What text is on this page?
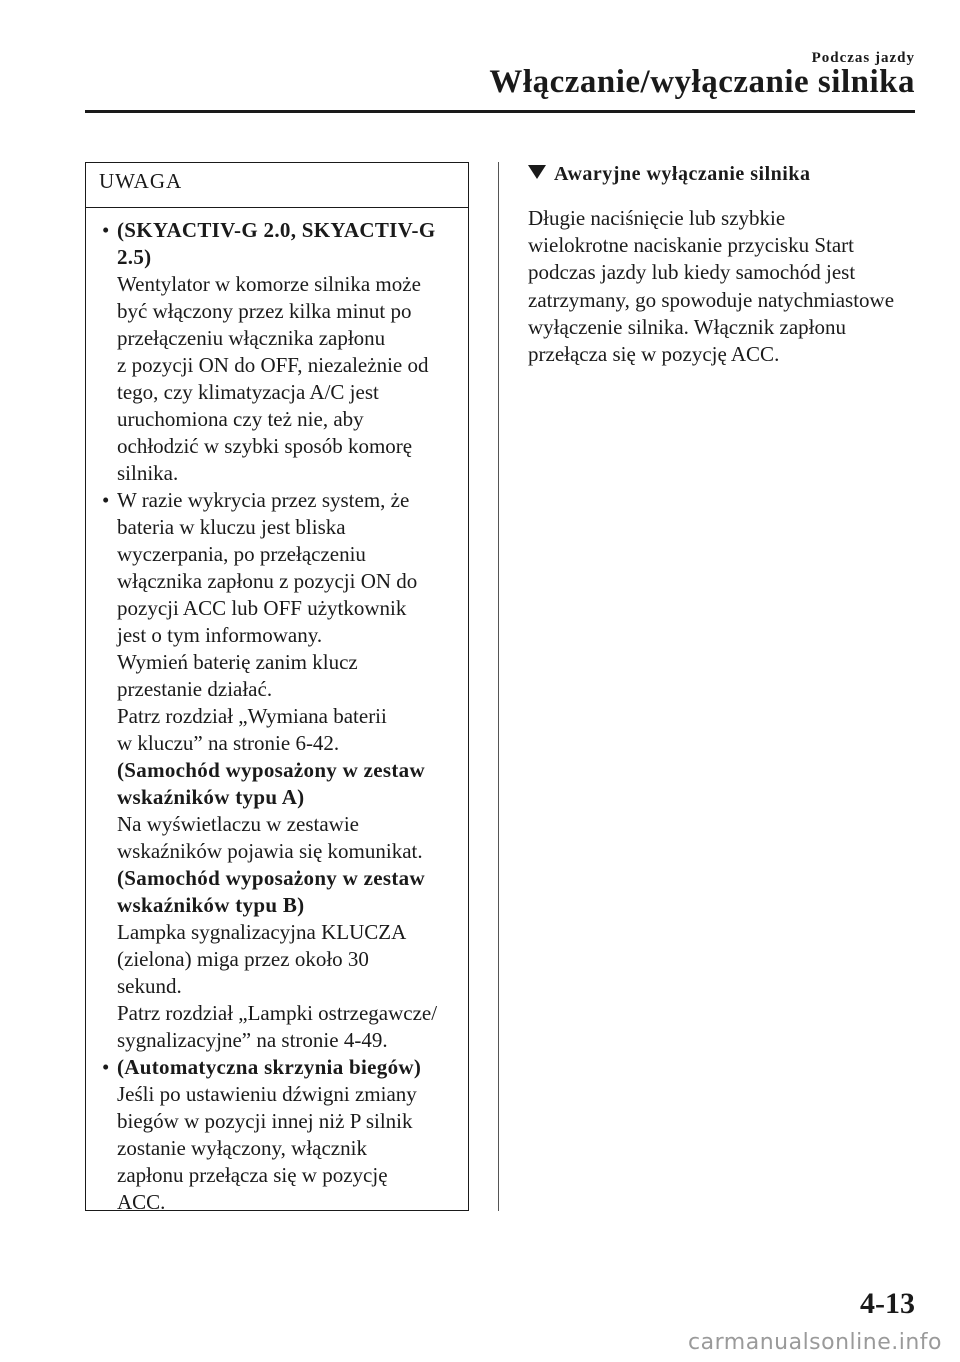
Podczas jazdy
Włączanie/wyłączanie silnika
UWAGA
• (SKYACTIV-G 2.0, SKYACTIV-G

2.5)

Wentylator w komorze silnika może

być włączony przez kilka minut po

przełączeniu włącznika zapłonu

z pozycji ON do OFF, niezależnie od

tego, czy klimatyzacja A/C jest

uruchomiona czy też nie, aby

ochłodzić w szybki sposób komorę

silnika.

• W razie wykrycia przez system, że

bateria w kluczu jest bliska

wyczerpania, po przełączeniu

włącznika zapłonu z pozycji ON do

pozycji ACC lub OFF użytkownik

jest o tym informowany.

Wymień baterię zanim klucz

przestanie działać.

Patrz rozdział „Wymiana baterii

w kluczu” na stronie 6-42.

(Samochód wyposażony w zestaw

wskaźników typu A)

Na wyświetlaczu w zestawie

wskaźników pojawia się komunikat.

(Samochód wyposażony w zestaw

wskaźników typu B)

Lampka sygnalizacyjna KLUCZA

(zielona) miga przez około 30

sekund.

Patrz rozdział „Lampki ostrzegawcze/

sygnalizacyjne” na stronie 4-49.

• (Automatyczna skrzynia biegów)

Jeśli po ustawieniu dźwigni zmiany

biegów w pozycji innej niż P silnik

zostanie wyłączony, włącznik

zapłonu przełącza się w pozycję

ACC.

Awaryjne wyłączanie silnika

Długie naciśnięcie lub szybkie

wielokrotne naciskanie przycisku Start

podczas jazdy lub kiedy samochód jest

zatrzymany, go spowoduje natychmiastowe

wyłączenie silnika. Włącznik zapłonu

przełącza się w pozycję ACC.

4-13
carmanualsonline.info
